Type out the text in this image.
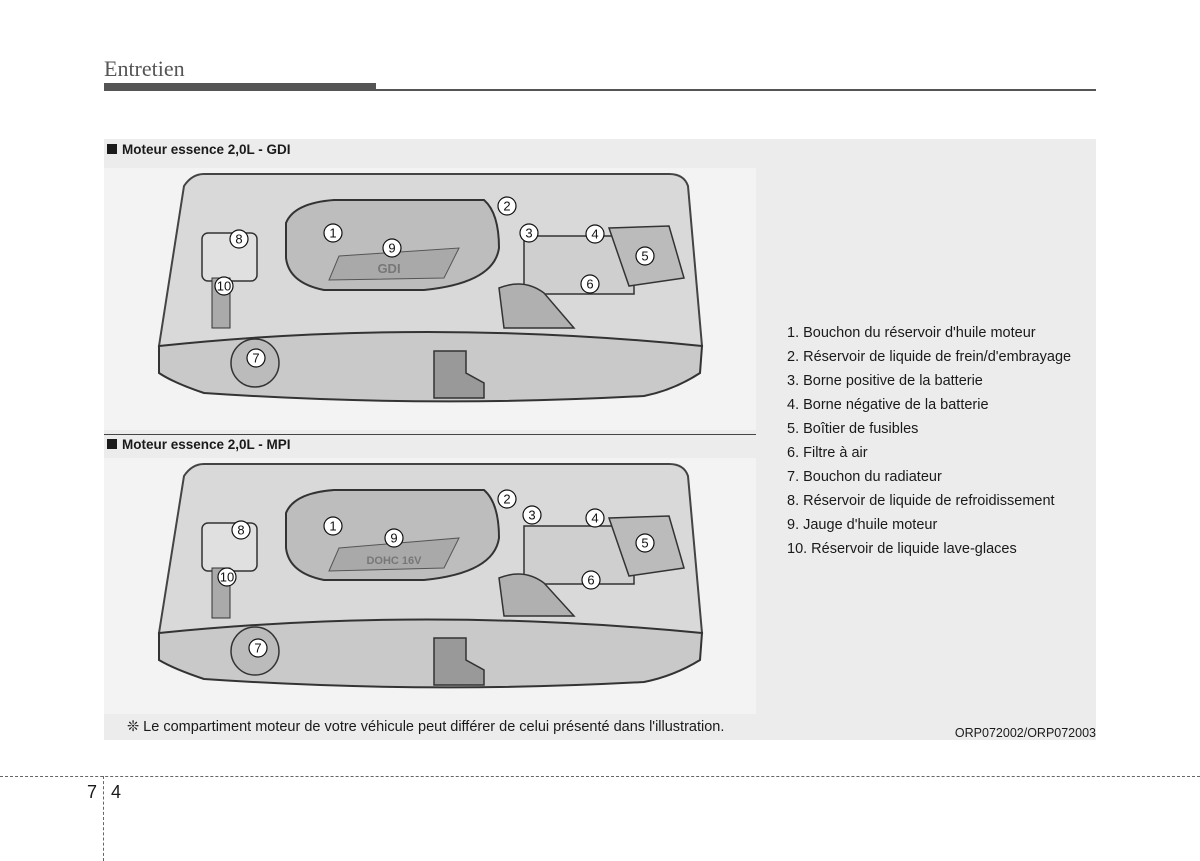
Entretien
Moteur essence 2,0L - GDI
GDI
1
2
3	4
5
6
7
8
9
10
Moteur essence 2,0L - MPI
DOHC 16V
1
2
3	4
5
6
7
8
9
10
1. Bouchon du réservoir d'huile moteur
2. Réservoir de liquide de frein/d'embrayage
3. Borne positive de la batterie
4. Borne négative de la batterie
5. Boîtier de fusibles
6. Filtre à air
7. Bouchon du radiateur
8. Réservoir de liquide de refroidissement
9. Jauge d'huile moteur
10. Réservoir de liquide lave-glaces
❊ Le compartiment moteur de votre véhicule peut différer de celui présenté dans l'illustration.	ORP072002/ORP072003
7 4
